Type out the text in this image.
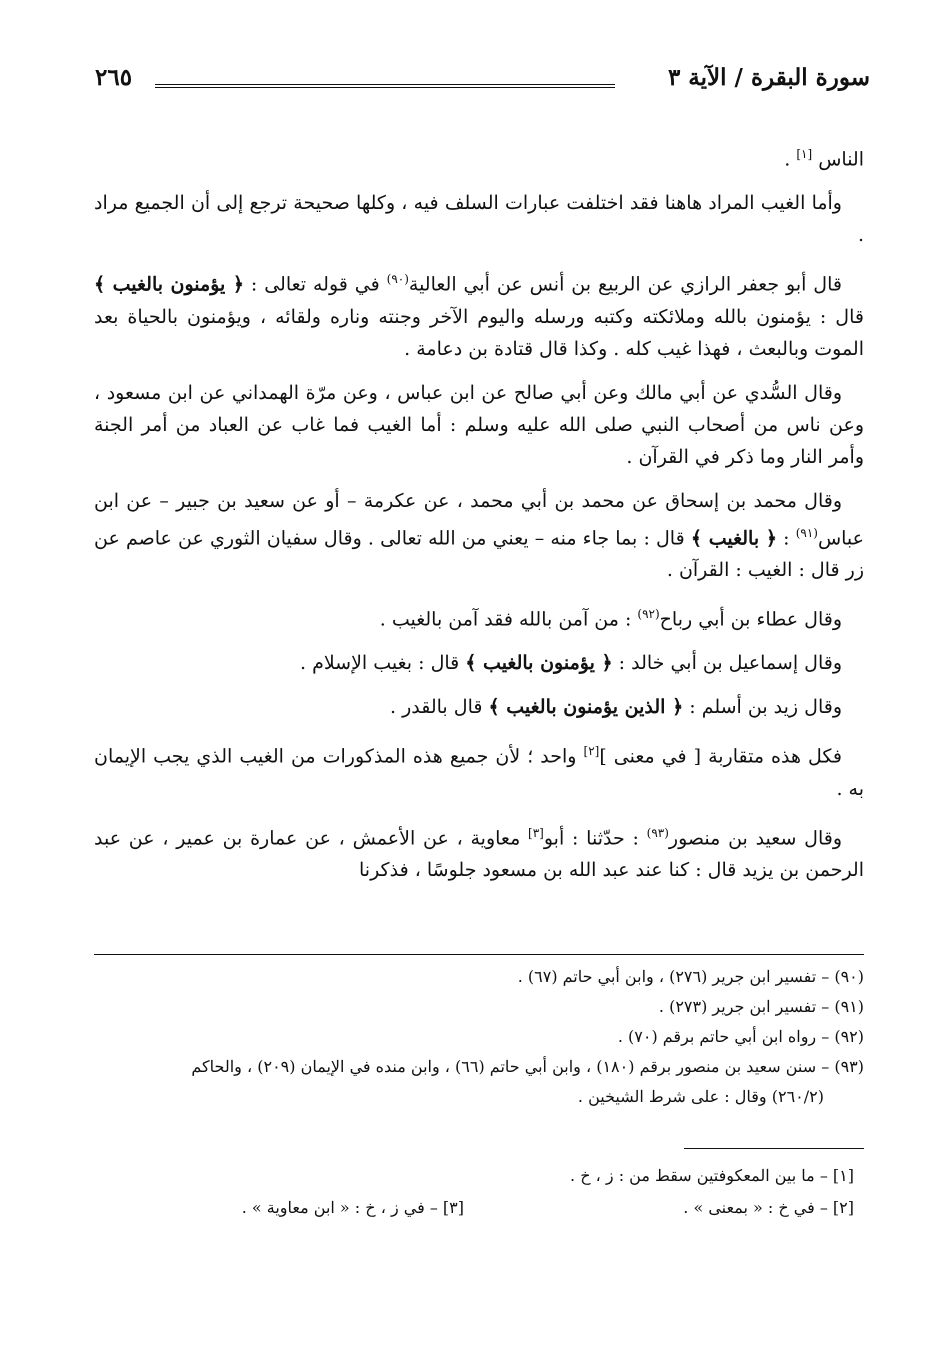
سورة البقرة / الآية ٣
٢٦٥

الناس [١] .

وأما الغيب المراد هاهنا فقد اختلفت عبارات السلف فيه ، وكلها صحيحة ترجع إلى أن الجميع مراد .

قال أبو جعفر الرازي عن الربيع بن أنس عن أبي العالية$^{(٩٠)}$ في قوله تعالى : ﴿ يؤمنون بالغيب ﴾ قال : يؤمنون بالله وملائكته وكتبه ورسله واليوم الآخر وجنته وناره ولقائه ، ويؤمنون بالحياة بعد الموت وبالبعث ، فهذا غيب كله . وكذا قال قتادة بن دعامة .

وقال السُّدي عن أبي مالك وعن أبي صالح عن ابن عباس ، وعن مرّة الهمداني عن ابن مسعود ، وعن ناس من أصحاب النبي صلى الله عليه وسلم : أما الغيب فما غاب عن العباد من أمر الجنة وأمر النار وما ذكر في القرآن .

وقال محمد بن إسحاق عن محمد بن أبي محمد ، عن عكرمة – أو عن سعيد بن جبير – عن ابن عباس$^{(٩١)}$ : ﴿ بالغيب ﴾ قال : بما جاء منه – يعني من الله تعالى . وقال سفيان الثوري عن عاصم عن زر قال : الغيب : القرآن .

وقال عطاء بن أبي رباح$^{(٩٢)}$ : من آمن بالله فقد آمن بالغيب .

وقال إسماعيل بن أبي خالد : ﴿ يؤمنون بالغيب ﴾ قال : بغيب الإسلام .

وقال زيد بن أسلم : ﴿ الذين يؤمنون بالغيب ﴾ قال بالقدر .

فكل هذه متقاربة [ في معنى ][٢] واحد ؛ لأن جميع هذه المذكورات من الغيب الذي يجب الإيمان به .

وقال سعيد بن منصور$^{(٩٣)}$ : حدّثنا : أبو[٣] معاوية ، عن الأعمش ، عن عمارة بن عمير ، عن عبد الرحمن بن يزيد قال : كنا عند عبد الله بن مسعود جلوسًا ، فذكرنا

(٩٠) – تفسير ابن جرير (٢٧٦) ، وابن أبي حاتم (٦٧) .

(٩١) – تفسير ابن جرير (٢٧٣) .

(٩٢) – رواه ابن أبي حاتم برقم (٧٠) .

(٩٣) – سنن سعيد بن منصور برقم (١٨٠) ، وابن أبي حاتم (٦٦) ، وابن منده في الإيمان (٢٠٩) ، والحاكم
(٢٦٠/٢) وقال : على شرط الشيخين .

[١] – ما بين المعكوفتين سقط من : ز ، خ .
[٢] – في خ : « بمعنى » .
[٣] – في ز ، خ : « ابن معاوية » .
